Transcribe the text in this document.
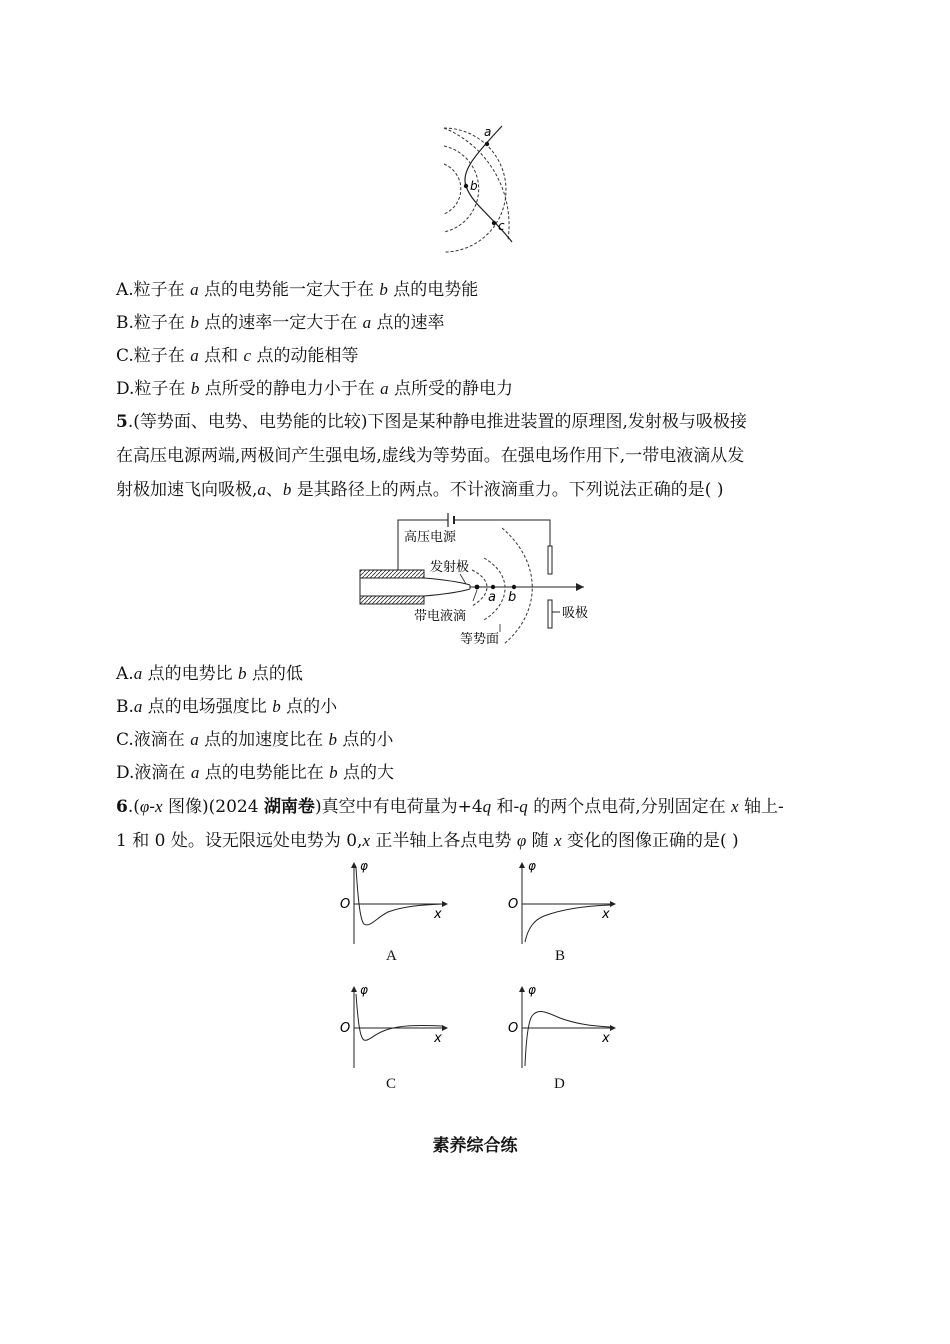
a
b
c
A.粒子在 a 点的电势能一定大于在 b 点的电势能
B.粒子在 b 点的速率一定大于在 a 点的速率
C.粒子在 a 点和 c 点的动能相等
D.粒子在 b 点所受的静电力小于在 a 点所受的静电力
5.(等势面、电势、电势能的比较)下图是某种静电推进装置的原理图,发射极与吸极接
在高压电源两端,两极间产生强电场,虚线为等势面。在强电场作用下,一带电液滴从发
射极加速飞向吸极,a、b 是其路径上的两点。不计液滴重力。下列说法正确的是( )
高压电源
发射极
带电液滴
等势面
吸极
a b
A.a 点的电势比 b 点的低
B.a 点的电场强度比 b 点的小
C.液滴在 a 点的加速度比在 b 点的小
D.液滴在 a 点的电势能比在 b 点的大
6.(φ-x 图像)(2024 湖南卷)真空中有电荷量为+4q 和-q 的两个点电荷,分别固定在 x 轴上-
1 和 0 处。设无限远处电势为 0,x 正半轴上各点电势 φ 随 x 变化的图像正确的是( )
φ
O
x
A
φ
O
x
B
φ
O
x
C
φ
O
x
D
素养综合练
